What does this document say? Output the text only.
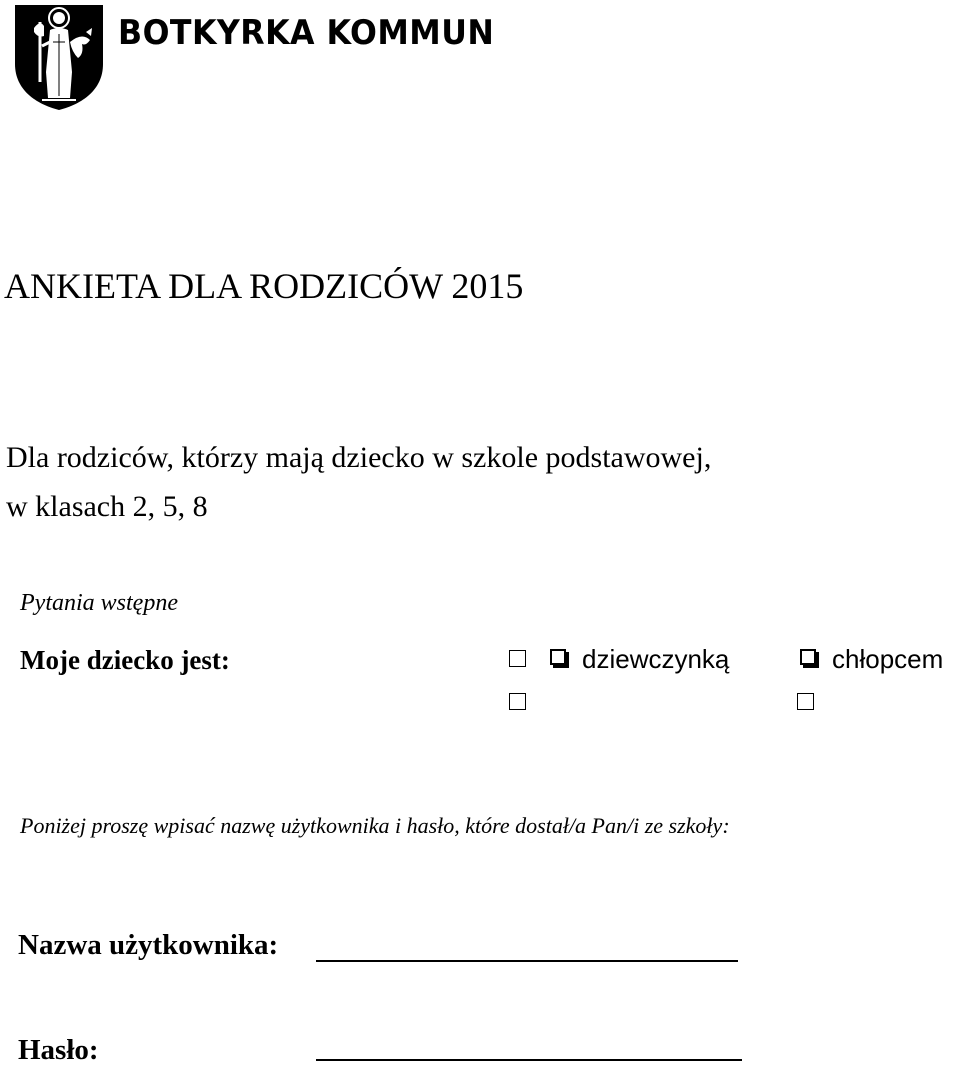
BOTKYRKA KOMMUN
ANKIETA DLA RODZICÓW 2015
Dla rodziców, którzy mają dziecko w szkole podstawowej,
w klasach 2, 5, 8
Pytania wstępne
Moje dziecko jest:	dziewczynką	chłopcem
Poniżej proszę wpisać nazwę użytkownika i hasło, które dostał/a Pan/i ze szkoły:
Nazwa użytkownika:
Hasło:
